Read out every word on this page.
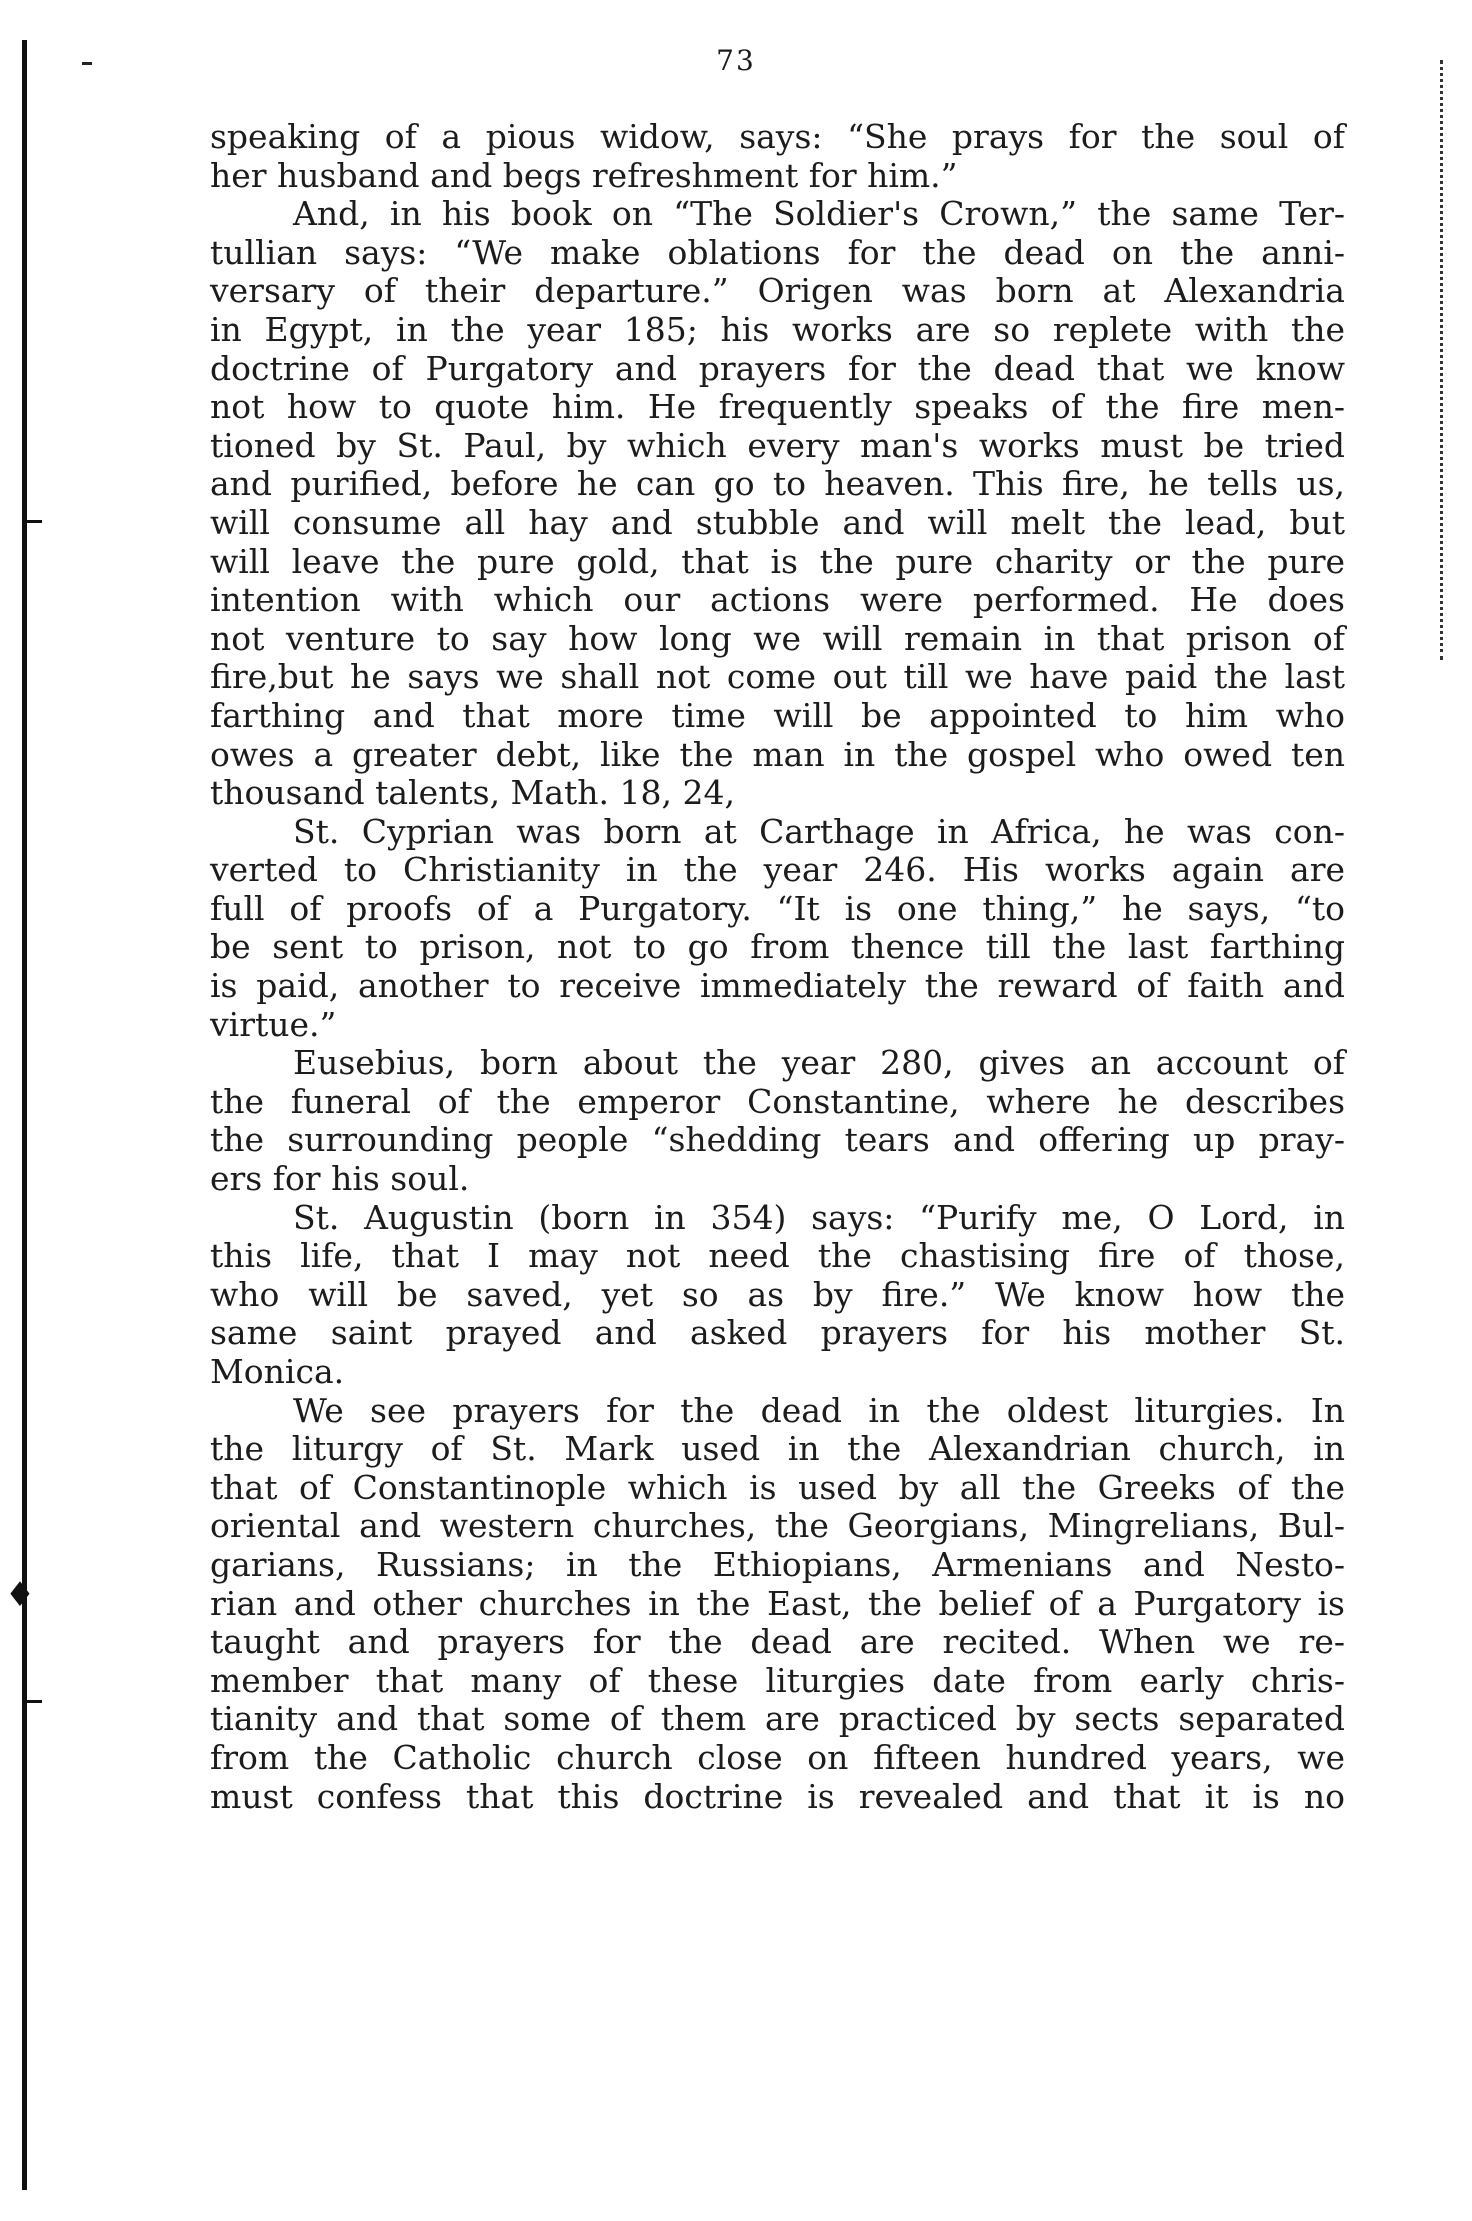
73
speaking of a pious widow, says: “She prays for the soul of
her husband and begs refreshment for him.”
And, in his book on “The Soldier's Crown,” the same Ter-
tullian says: “We make oblations for the dead on the anni-
versary of their departure.” Origen was born at Alexandria
in Egypt, in the year 185; his works are so replete with the
doctrine of Purgatory and prayers for the dead that we know
not how to quote him. He frequently speaks of the fire men-
tioned by St. Paul, by which every man's works must be tried
and purified, before he can go to heaven. This fire, he tells us,
will consume all hay and stubble and will melt the lead, but
will leave the pure gold, that is the pure charity or the pure
intention with which our actions were performed. He does
not venture to say how long we will remain in that prison of
fire,but he says we shall not come out till we have paid the last
farthing and that more time will be appointed to him who
owes a greater debt, like the man in the gospel who owed ten
thousand talents, Math. 18, 24,
St. Cyprian was born at Carthage in Africa, he was con-
verted to Christianity in the year 246. His works again are
full of proofs of a Purgatory. “It is one thing,” he says, “to
be sent to prison, not to go from thence till the last farthing
is paid, another to receive immediately the reward of faith and
virtue.”
Eusebius, born about the year 280, gives an account of
the funeral of the emperor Constantine, where he describes
the surrounding people “shedding tears and offering up pray-
ers for his soul.
St. Augustin (born in 354) says: “Purify me, O Lord, in
this life, that I may not need the chastising fire of those,
who will be saved, yet so as by fire.” We know how the
same saint prayed and asked prayers for his mother St.
Monica.
We see prayers for the dead in the oldest liturgies. In
the liturgy of St. Mark used in the Alexandrian church, in
that of Constantinople which is used by all the Greeks of the
oriental and western churches, the Georgians, Mingrelians, Bul-
garians, Russians; in the Ethiopians, Armenians and Nesto-
rian and other churches in the East, the belief of a Purgatory is
taught and prayers for the dead are recited. When we re-
member that many of these liturgies date from early chris-
tianity and that some of them are practiced by sects separated
from the Catholic church close on fifteen hundred years, we
must confess that this doctrine is revealed and that it is no
♦
